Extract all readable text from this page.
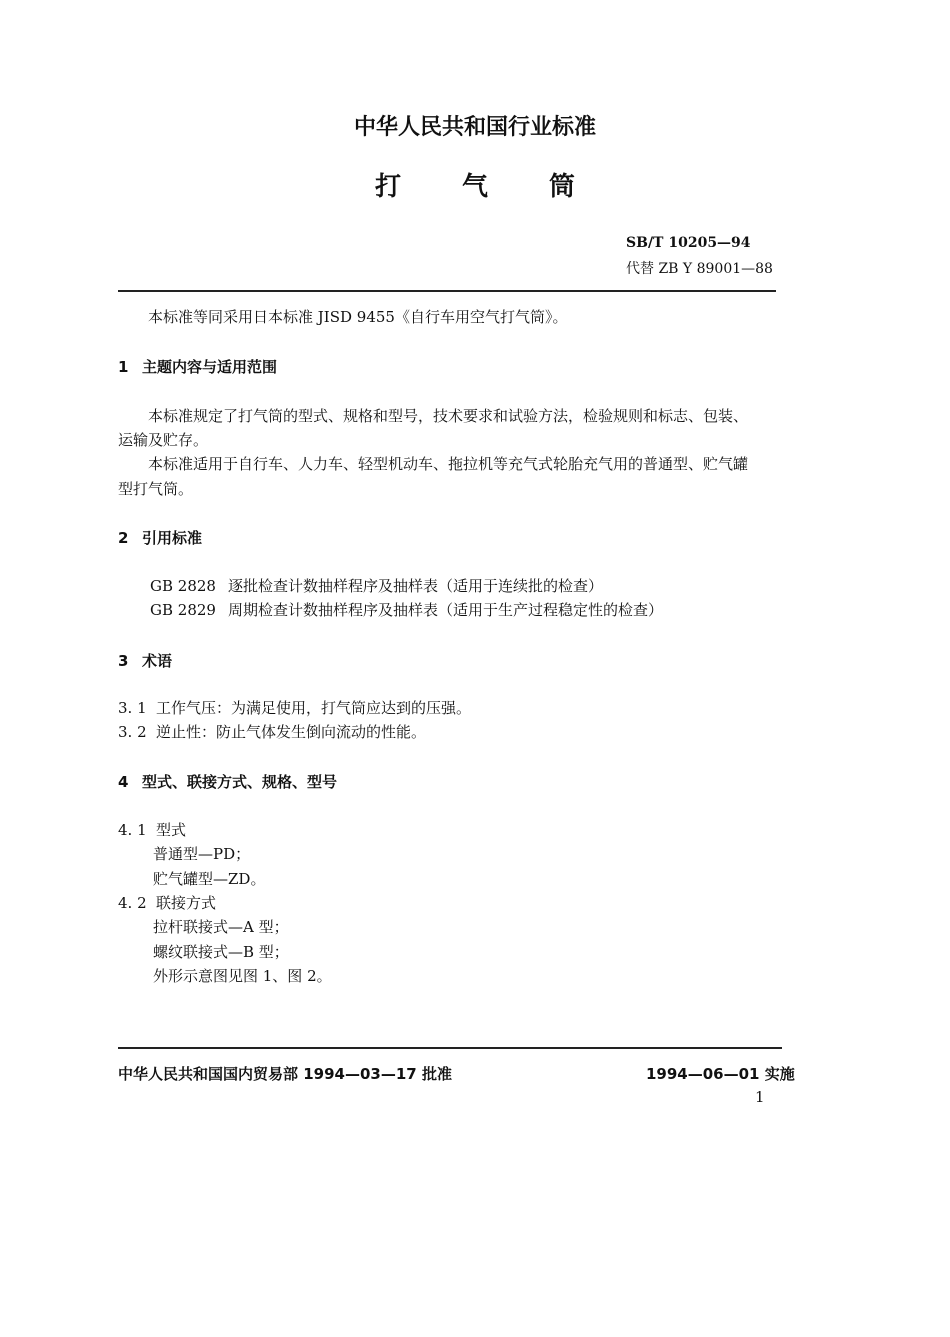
中华人民共和国行业标准
打 气 筒
SB/T 10205—94
代替 ZB Y 89001—88
本标准等同采用日本标准 JISD 9455《自行车用空气打气筒》。
1 主题内容与适用范围
本标准规定了打气筒的型式、规格和型号，技术要求和试验方法，检验规则和标志、包装、
运输及贮存。
本标准适用于自行车、人力车、轻型机动车、拖拉机等充气式轮胎充气用的普通型、贮气罐
型打气筒。
2 引用标准
GB 2828 逐批检查计数抽样程序及抽样表（适用于连续批的检查）
GB 2829 周期检查计数抽样程序及抽样表（适用于生产过程稳定性的检查）
3 术语
3. 1 工作气压：为满足使用，打气筒应达到的压强。
3. 2 逆止性：防止气体发生倒向流动的性能。
4 型式、联接方式、规格、型号
4. 1 型式
普通型—PD；
贮气罐型—ZD。
4. 2 联接方式
拉杆联接式—A 型；
螺纹联接式—B 型；
外形示意图见图 1、图 2。
中华人民共和国国内贸易部 1994—03—17 批准	1994—06—01 实施
1
